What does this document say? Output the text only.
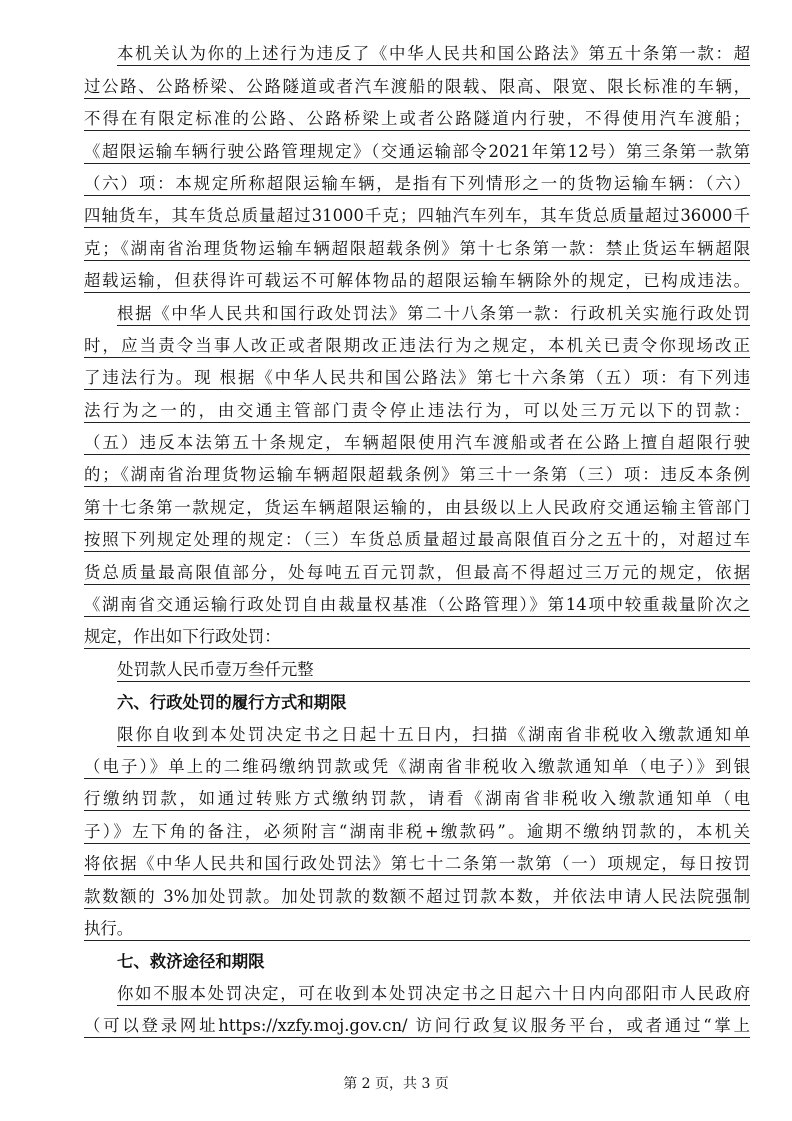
本机关认为你的上述行为违反了《中华人民共和国公路法》第五十条第一款：超
过公路、公路桥梁、公路隧道或者汽车渡船的限载、限高、限宽、限长标准的车辆，
不得在有限定标准的公路、公路桥梁上或者公路隧道内行驶，不得使用汽车渡船；
《超限运输车辆行驶公路管理规定》（交通运输部令2021年第12号）第三条第一款第
（六）项：本规定所称超限运输车辆，是指有下列情形之一的货物运输车辆：（六）
四轴货车，其车货总质量超过31000千克；四轴汽车列车，其车货总质量超过36000千
克；《湖南省治理货物运输车辆超限超载条例》第十七条第一款：禁止货运车辆超限
超载运输，但获得许可载运不可解体物品的超限运输车辆除外的规定，已构成违法。
根据《中华人民共和国行政处罚法》第二十八条第一款：行政机关实施行政处罚
时，应当责令当事人改正或者限期改正违法行为之规定，本机关已责令你现场改正
了违法行为。现 根据《中华人民共和国公路法》第七十六条第（五）项：有下列违
法行为之一的，由交通主管部门责令停止违法行为，可以处三万元以下的罚款：
（五）违反本法第五十条规定，车辆超限使用汽车渡船或者在公路上擅自超限行驶
的；《湖南省治理货物运输车辆超限超载条例》第三十一条第（三）项：违反本条例
第十七条第一款规定，货运车辆超限运输的，由县级以上人民政府交通运输主管部门
按照下列规定处理的规定：（三）车货总质量超过最高限值百分之五十的，对超过车
货总质量最高限值部分，处每吨五百元罚款，但最高不得超过三万元的规定，依据
《湖南省交通运输行政处罚自由裁量权基准（公路管理）》第14项中较重裁量阶次之
规定，作出如下行政处罚：
处罚款人民币壹万叁仟元整
六、行政处罚的履行方式和期限
限你自收到本处罚决定书之日起十五日内，扫描《湖南省非税收入缴款通知单
（电子）》单上的二维码缴纳罚款或凭《湖南省非税收入缴款通知单（电子）》到银
行缴纳罚款，如通过转账方式缴纳罚款，请看《湖南省非税收入缴款通知单（电
子）》左下角的备注，必须附言“湖南非税+缴款码”。逾期不缴纳罚款的，本机关
将依据《中华人民共和国行政处罚法》第七十二条第一款第（一）项规定，每日按罚
款数额的 3%加处罚款。加处罚款的数额不超过罚款本数，并依法申请人民法院强制
执行。
七、救济途径和期限
你如不服本处罚决定，可在收到本处罚决定书之日起六十日内向邵阳市人民政府
（可以登录网址https://xzfy.moj.gov.cn/ 访问行政复议服务平台，或者通过“掌上
第 2 页，共 3 页
